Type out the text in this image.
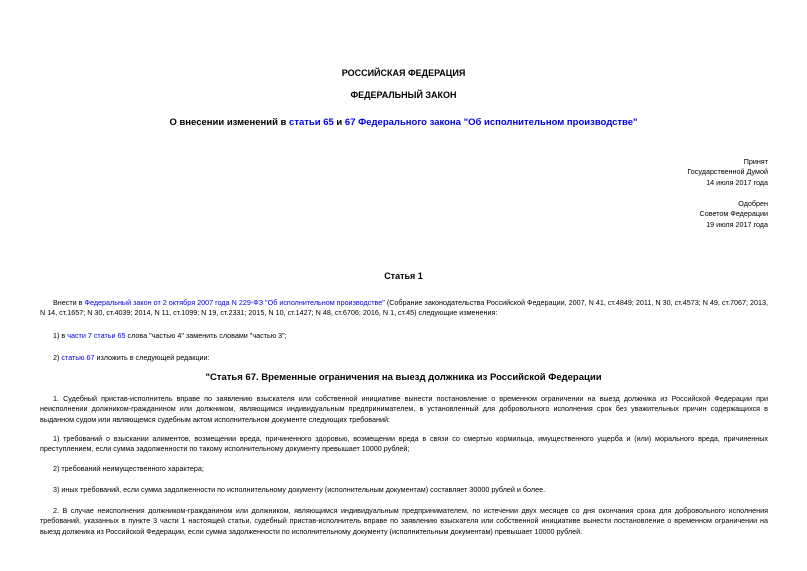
РОССИЙСКАЯ ФЕДЕРАЦИЯ
ФЕДЕРАЛЬНЫЙ ЗАКОН
О внесении изменений в статьи 65 и 67 Федерального закона "Об исполнительном производстве"
Принят
Государственной Думой
14 июля 2017 года
Одобрен
Советом Федерации
19 июля 2017 года
Статья 1
Внести в Федеральный закон от 2 октября 2007 года N 229-ФЗ "Об исполнительном производстве" (Собрание законодательства Российской Федерации, 2007, N 41, ст.4849; 2011, N 30, ст.4573; N 49, ст.7067; 2013, N 14, ст.1657; N 30, ст.4039; 2014, N 11, ст.1099; N 19, ст.2331; 2015, N 10, ст.1427; N 48, ст.6706; 2016, N 1, ст.45) следующие изменения:
1) в части 7 статьи 65 слова "частью 4" заменить словами "частью 3";
2) статью 67 изложить в следующей редакции:
"Статья 67. Временные ограничения на выезд должника из Российской Федерации
1. Судебный пристав-исполнитель вправе по заявлению взыскателя или собственной инициативе вынести постановление о временном ограничении на выезд должника из Российской Федерации при неисполнении должником-гражданином или должником, являющимся индивидуальным предпринимателем, в установленный для добровольного исполнения срок без уважительных причин содержащихся в выданном судом или являющемся судебным актом исполнительном документе следующих требований:
1) требований о взыскании алиментов, возмещении вреда, причиненного здоровью, возмещении вреда в связи со смертью кормильца, имущественного ущерба и (или) морального вреда, причиненных преступлением, если сумма задолженности по такому исполнительному документу превышает 10000 рублей;
2) требований неимущественного характера;
3) иных требований, если сумма задолженности по исполнительному документу (исполнительным документам) составляет 30000 рублей и более.
2. В случае неисполнения должником-гражданином или должником, являющимся индивидуальным предпринимателем, по истечении двух месяцев со дня окончания срока для добровольного исполнения требований, указанных в пункте 3 части 1 настоящей статьи, судебный пристав-исполнитель вправе по заявлению взыскателя или собственной инициативе вынести постановление о временном ограничении на выезд должника из Российской Федерации, если сумма задолженности по исполнительному документу (исполнительным документам) превышает 10000 рублей.
